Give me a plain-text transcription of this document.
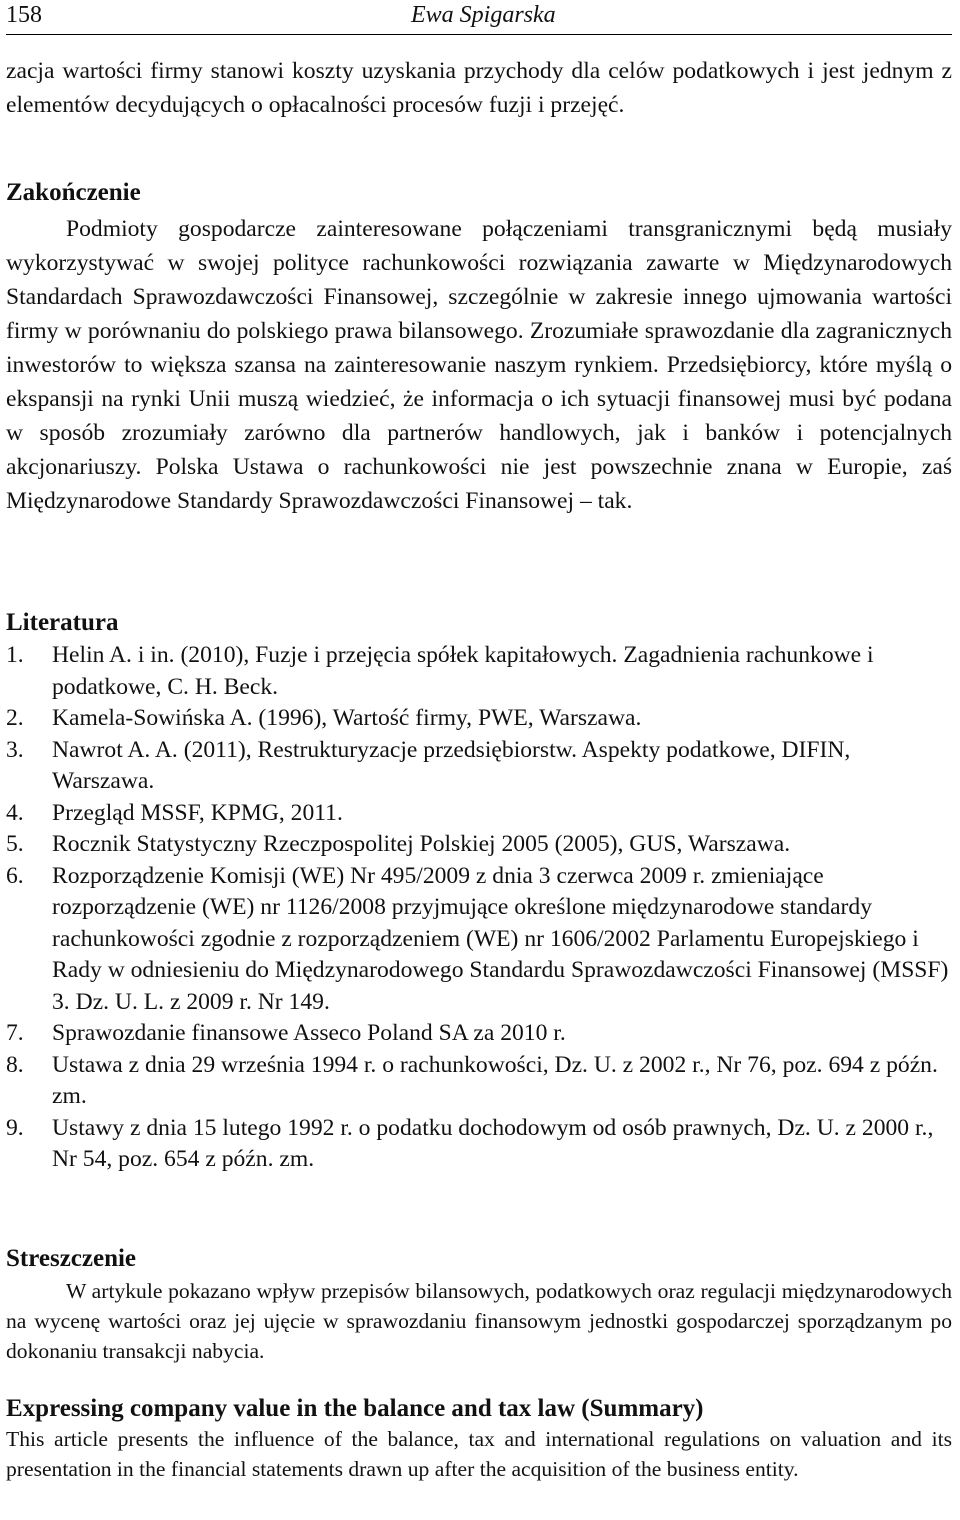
158	Ewa Spigarska

zacja wartości firmy stanowi koszty uzyskania przychody dla celów podatkowych i jest jednym z elementów decydujących o opłacalności procesów fuzji i przejęć.

Zakończenie

Podmioty gospodarcze zainteresowane połączeniami transgranicznymi będą musiały wykorzystywać w swojej polityce rachunkowości rozwiązania zawarte w Międzynarodowych Standardach Sprawozdawczości Finansowej, szczególnie w zakresie innego ujmowania wartości firmy w porównaniu do polskiego prawa bilansowego. Zrozumiałe sprawozdanie dla zagranicznych inwestorów to większa szansa na zainteresowanie naszym rynkiem. Przedsiębiorcy, które myślą o ekspansji na rynki Unii muszą wiedzieć, że informacja o ich sytuacji finansowej musi być podana w sposób zrozumiały zarówno dla partnerów handlowych, jak i banków i potencjalnych akcjonariuszy. Polska Ustawa o rachunkowości nie jest powszechnie znana w Europie, zaś Międzynarodowe Standardy Sprawozdawczości Finansowej – tak.

Literatura
1. Helin A. i in. (2010), Fuzje i przejęcia spółek kapitałowych. Zagadnienia rachunkowe i podatkowe, C. H. Beck.
2. Kamela-Sowińska A. (1996), Wartość firmy, PWE, Warszawa.
3. Nawrot A. A. (2011), Restrukturyzacje przedsiębiorstw. Aspekty podatkowe, DIFIN, Warszawa.
4. Przegląd MSSF, KPMG, 2011.
5. Rocznik Statystyczny Rzeczpospolitej Polskiej 2005 (2005), GUS, Warszawa.
6. Rozporządzenie Komisji (WE) Nr 495/2009 z dnia 3 czerwca 2009 r. zmieniające rozporządzenie (WE) nr 1126/2008 przyjmujące określone międzynarodowe standardy rachunkowości zgodnie z rozporządzeniem (WE) nr 1606/2002 Parlamentu Europejskiego i Rady w odniesieniu do Międzynarodowego Standardu Sprawozdawczości Finansowej (MSSF) 3. Dz. U. L. z 2009 r. Nr 149.
7. Sprawozdanie finansowe Asseco Poland SA za 2010 r.
8. Ustawa z dnia 29 września 1994 r. o rachunkowości, Dz. U. z 2002 r., Nr 76, poz. 694 z późn. zm.
9. Ustawy z dnia 15 lutego 1992 r. o podatku dochodowym od osób prawnych, Dz. U. z 2000 r., Nr 54, poz. 654 z późn. zm.
Streszczenie

W artykule pokazano wpływ przepisów bilansowych, podatkowych oraz regulacji międzynarodowych na wycenę wartości oraz jej ujęcie w sprawozdaniu finansowym jednostki gospodarczej sporządzanym po dokonaniu transakcji nabycia.

Expressing company value in the balance and tax law (Summary)

This article presents the influence of the balance, tax and international regulations on valuation and its presentation in the financial statements drawn up after the acquisition of the business entity.
